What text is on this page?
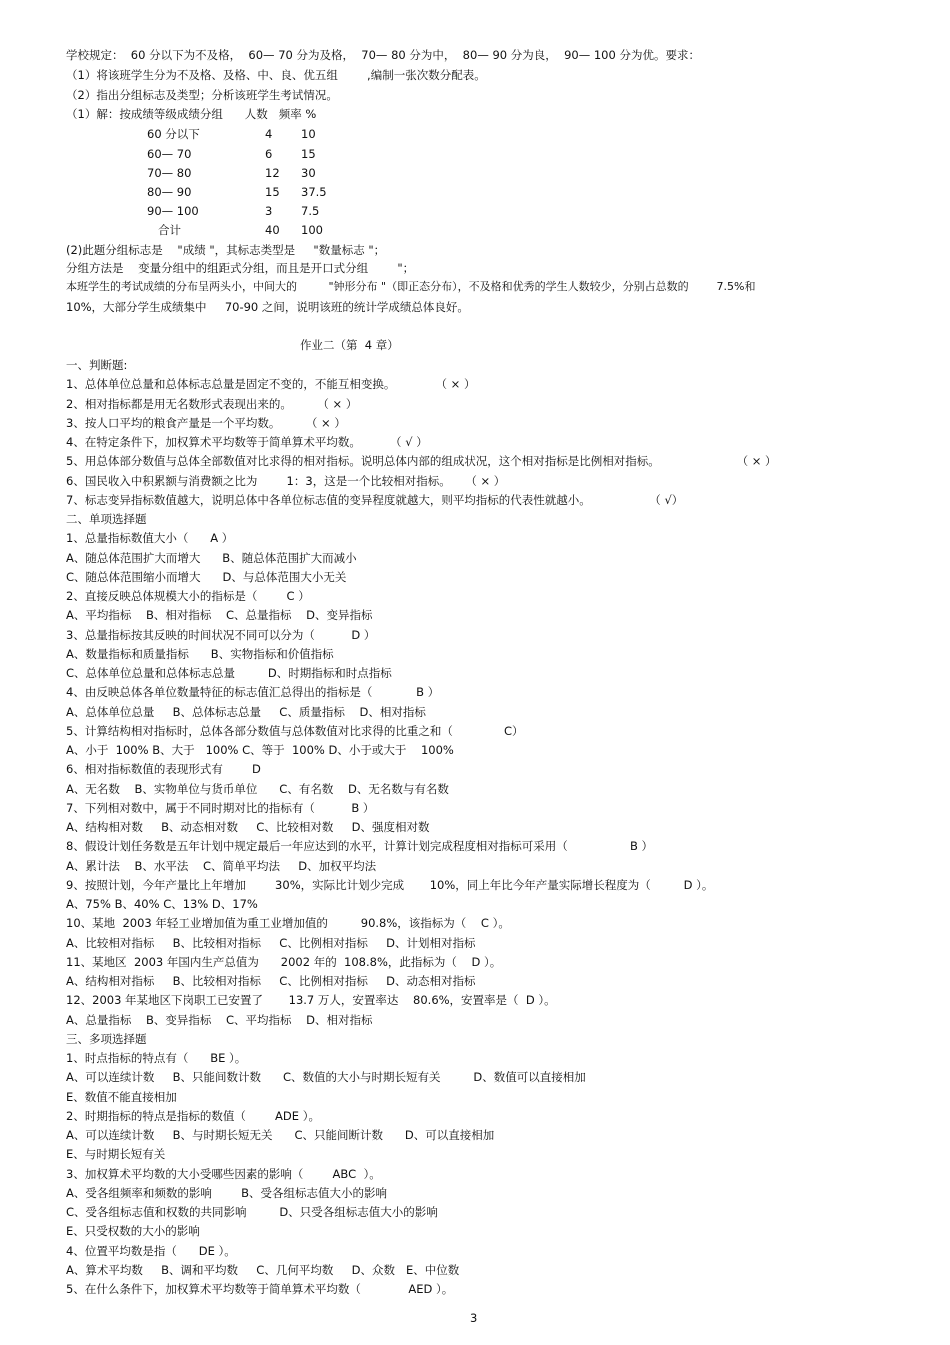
学校规定：  60 分以下为不及格，  60— 70 分为及格，  70— 80 分为中，  80— 90 分为良，  90— 100 分为优。要求：
（1）将该班学生分为不及格、及格、中、良、优五组        ,编制一张次数分配表。
（2）指出分组标志及类型；分析该班学生考试情况。
（1）解：按成绩等级成绩分组      人数   频率 %
60 分以下	4 10
60— 70	6 15
70— 80	12 30
80— 90	15 37.5
90— 100	3 7.5
合计	40 100
(2)此题分组标志是    "成绩 "，其标志类型是     "数量标志 "；
分组方法是    变量分组中的组距式分组，而且是开口式分组        "；
本班学生的考试成绩的分布呈两头小，中间大的         "钟形分布 "（即正态分布），不及格和优秀的学生人数较少，分别占总数的        7.5%和
10%，大部分学生成绩集中     70-90 之间，说明该班的统计学成绩总体良好。
作业二（第  4 章）
一、判断题:
1、总体单位总量和总体标志总量是固定不变的，不能互相变换。           （ × ）
2、相对指标都是用无名数形式表现出来的。       （ × ）
3、按人口平均的粮食产量是一个平均数。       （ × ）
4、在特定条件下，加权算术平均数等于简单算术平均数。        （ √ ）
5、用总体部分数值与总体全部数值对比求得的相对指标。说明总体内部的组成状况，这个相对指标是比例相对指标。                     （ × ）
6、国民收入中积累额与消费额之比为        1：3，这是一个比较相对指标。    （ × ）
7、标志变异指标数值越大，说明总体中各单位标志值的变异程度就越大，则平均指标的代表性就越小。                （ √）
二、单项选择题
1、总量指标数值大小（      A ）
A、随总体范围扩大而增大      B、随总体范围扩大而减小
C、随总体范围缩小而增大      D、与总体范围大小无关
2、直接反映总体规模大小的指标是（        C ）
A、平均指标    B、相对指标    C、总量指标    D、变异指标
3、总量指标按其反映的时间状况不同可以分为（          D ）
A、数量指标和质量指标      B、实物指标和价值指标
C、总体单位总量和总体标志总量         D、时期指标和时点指标
4、由反映总体各单位数量特征的标志值汇总得出的指标是（            B ）
A、总体单位总量     B、总体标志总量     C、质量指标    D、相对指标
5、计算结构相对指标时，总体各部分数值与总体数值对比求得的比重之和（              C）
A、小于  100% B、大于   100% C、等于  100% D、小于或大于    100%
6、相对指标数值的表现形式有        D
A、无名数    B、实物单位与货币单位      C、有名数    D、无名数与有名数
7、下列相对数中，属于不同时期对比的指标有（          B ）
A、结构相对数     B、动态相对数     C、比较相对数     D、强度相对数
8、假设计划任务数是五年计划中规定最后一年应达到的水平，计算计划完成程度相对指标可采用（                 B ）
A、累计法    B、水平法    C、简单平均法     D、加权平均法
9、按照计划，今年产量比上年增加        30%，实际比计划少完成       10%，同上年比今年产量实际增长程度为（         D ）。
A、75% B、40% C、13% D、17%
10、某地  2003 年轻工业增加值为重工业增加值的         90.8%，该指标为（    C ）。
A、比较相对指标     B、比较相对指标     C、比例相对指标     D、计划相对指标
11、某地区  2003 年国内生产总值为      2002 年的  108.8%，此指标为（    D ）。
A、结构相对指标     B、比较相对指标     C、比例相对指标     D、动态相对指标
12、2003 年某地区下岗职工已安置了       13.7 万人，安置率达    80.6%，安置率是（  D ）。
A、总量指标    B、变异指标    C、平均指标    D、相对指标
三、多项选择题
1、时点指标的特点有（      BE ）。
A、可以连续计数     B、只能间数计数      C、数值的大小与时期长短有关         D、数值可以直接相加
E、数值不能直接相加
2、时期指标的特点是指标的数值（        ADE ）。
A、可以连续计数     B、与时期长短无关      C、只能间断计数      D、可以直接相加
E、与时期长短有关
3、加权算术平均数的大小受哪些因素的影响（        ABC  ）。
A、受各组频率和频数的影响        B、受各组标志值大小的影响
C、受各组标志值和权数的共同影响         D、只受各组标志值大小的影响
E、只受权数的大小的影响
4、位置平均数是指（      DE ）。
A、算术平均数     B、调和平均数     C、几何平均数     D、众数   E、中位数
5、在什么条件下，加权算术平均数等于简单算术平均数（             AED ）。
3
